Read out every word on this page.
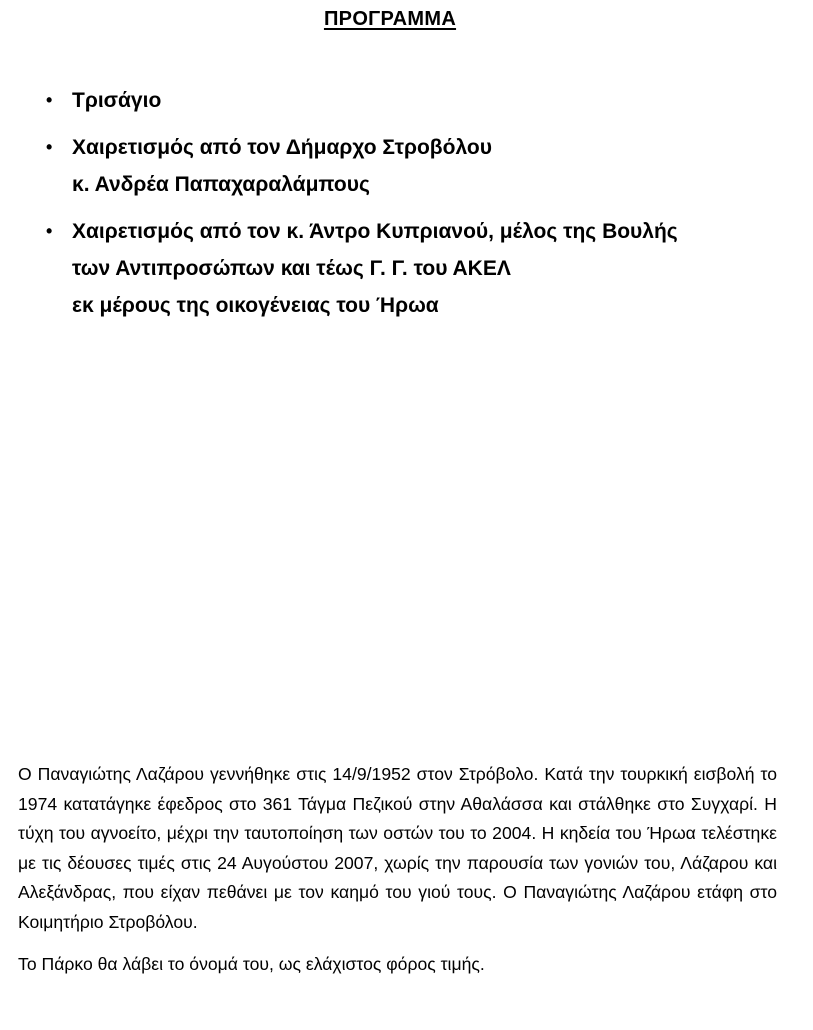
ΠΡΟΓΡΑΜΜΑ
• Τρισάγιο
• Χαιρετισμός από τον Δήμαρχο Στροβόλου
κ. Ανδρέα Παπαχαραλάμπους
• Χαιρετισμός από τον κ. Άντρο Κυπριανού, μέλος της Βουλής
των Αντιπροσώπων και τέως Γ. Γ. του ΑΚΕΛ
εκ μέρους της οικογένειας του Ήρωα

Ο Παναγιώτης Λαζάρου γεννήθηκε στις 14/9/1952 στον Στρόβολο. Κατά την τουρκική εισβολή το 1974 κατατάγηκε έφεδρος στο 361 Τάγμα Πεζικού στην Αθαλάσσα και στάλθηκε στο Συγχαρί. Η τύχη του αγνοείτο, μέχρι την ταυτοποίηση των οστών του το 2004. Η κηδεία του Ήρωα τελέστηκε με τις δέουσες τιμές στις 24 Αυγούστου 2007, χωρίς την παρουσία των γονιών του, Λάζαρου και Αλεξάνδρας, που είχαν πεθάνει με τον καημό του γιού τους. Ο Παναγιώτης Λαζάρου ετάφη στο Κοιμητήριο Στροβόλου.

Το Πάρκο θα λάβει το όνομά του, ως ελάχιστος φόρος τιμής.
